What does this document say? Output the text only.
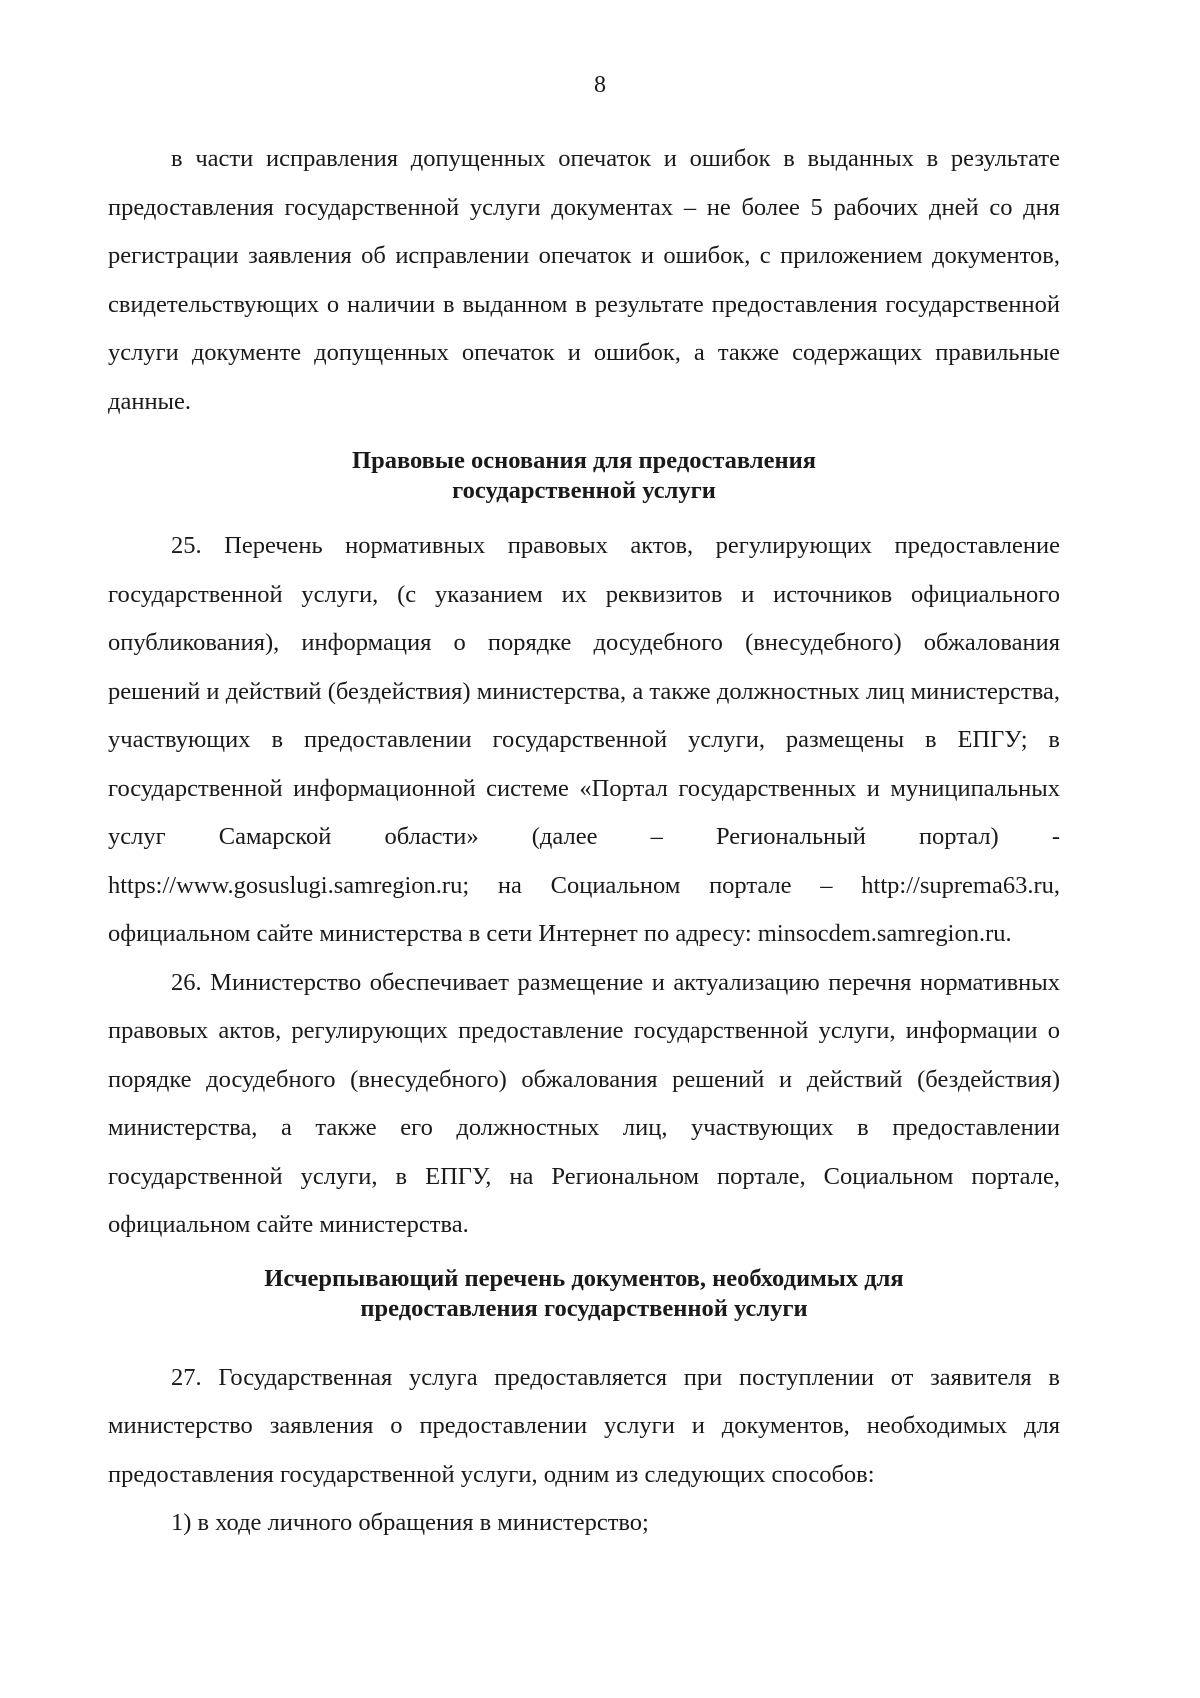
8

в части исправления допущенных опечаток и ошибок в выданных в результате предоставления государственной услуги документах – не более 5 рабочих дней со дня регистрации заявления об исправлении опечаток и ошибок, с приложением документов, свидетельствующих о наличии в выданном в результате предоставления государственной услуги документе допущенных опечаток и ошибок, а также содержащих правильные данные.

Правовые основания для предоставления
государственной услуги

25. Перечень нормативных правовых актов, регулирующих предоставление государственной услуги, (с указанием их реквизитов и источников официального опубликования), информация о порядке досудебного (внесудебного) обжалования решений и действий (бездействия) министерства, а также должностных лиц министерства, участвующих в предоставлении государственной услуги, размещены в ЕПГУ; в государственной информационной системе «Портал государственных и муниципальных услуг Самарской области» (далее – Региональный портал) - https://www.gosuslugi.samregion.ru; на Социальном портале – http://suprema63.ru, официальном сайте министерства в сети Интернет по адресу: minsocdem.samregion.ru.

26. Министерство обеспечивает размещение и актуализацию перечня нормативных правовых актов, регулирующих предоставление государственной услуги, информации о порядке досудебного (внесудебного) обжалования решений и действий (бездействия) министерства, а также его должностных лиц, участвующих в предоставлении государственной услуги, в ЕПГУ, на Региональном портале, Социальном портале, официальном сайте министерства.

Исчерпывающий перечень документов, необходимых для
предоставления государственной услуги

27. Государственная услуга предоставляется при поступлении от заявителя в министерство заявления о предоставлении услуги и документов, необходимых для предоставления государственной услуги, одним из следующих способов:

1) в ходе личного обращения в министерство;
